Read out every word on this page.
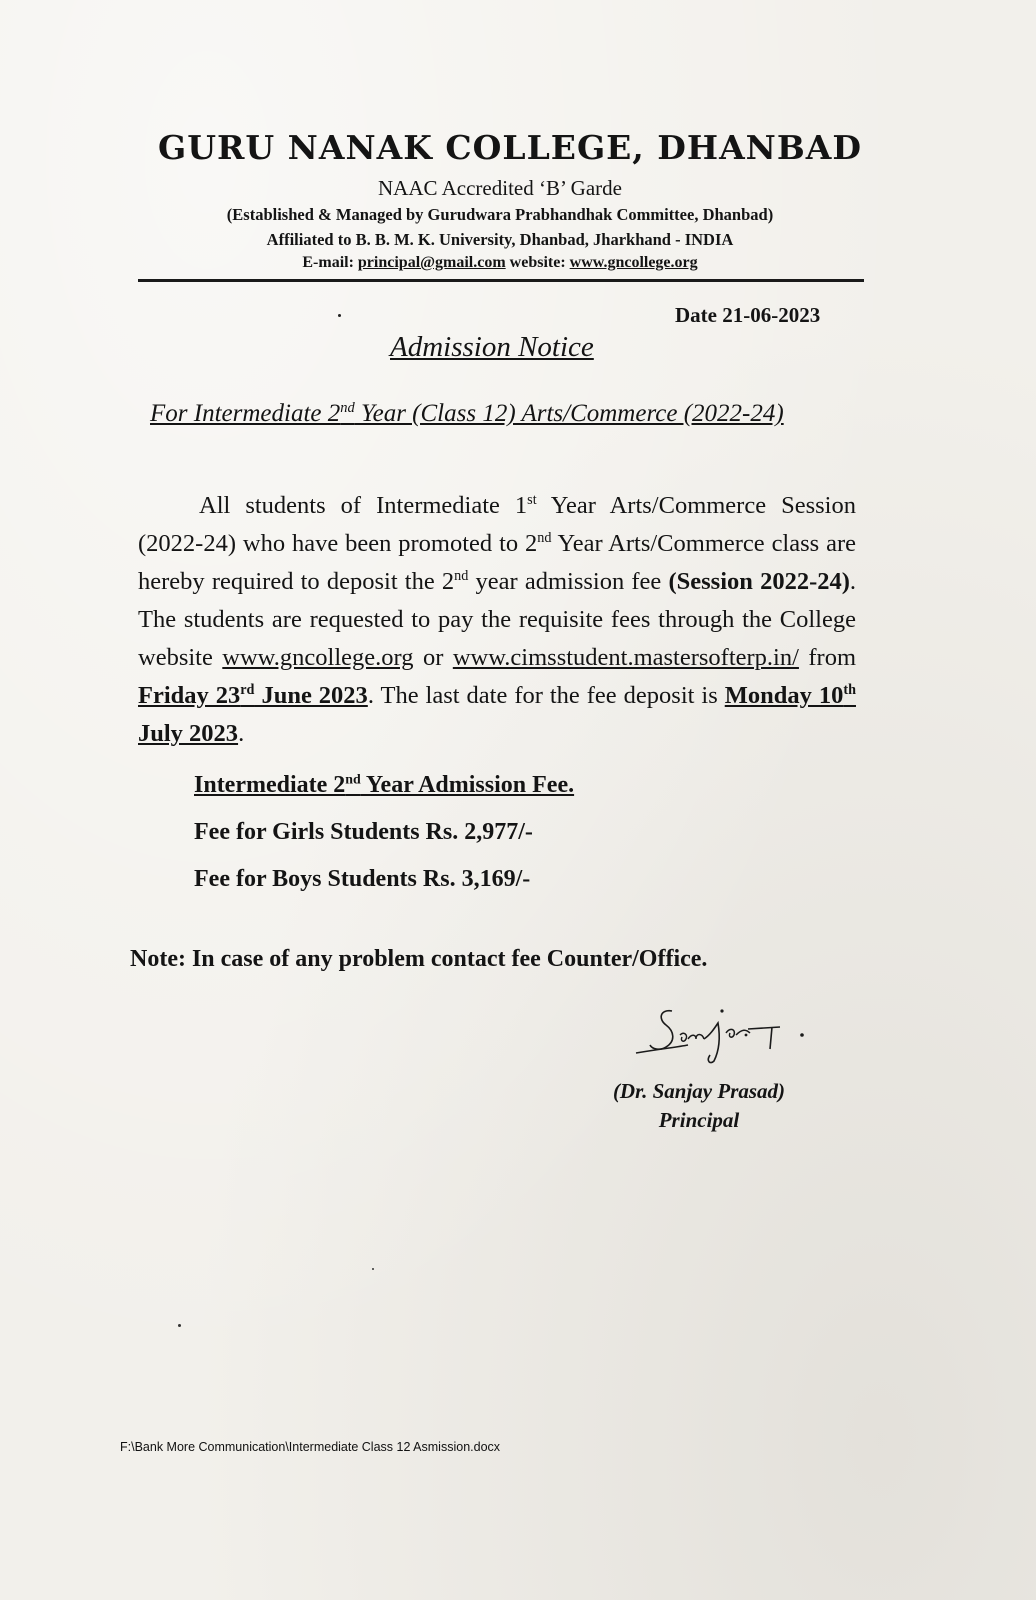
GURU NANAK COLLEGE, DHANBAD
NAAC Accredited ‘B’ Garde
(Established & Managed by Gurudwara Prabhandhak Committee, Dhanbad)
Affiliated to B. B. M. K. University, Dhanbad, Jharkhand - INDIA
E-mail: principal@gmail.com website: www.gncollege.org
Date 21-06-2023
Admission Notice
For Intermediate 2nd Year (Class 12) Arts/Commerce (2022-24)
All students of Intermediate 1st Year Arts/Commerce Session (2022-24) who have been promoted to 2nd Year Arts/Commerce class are hereby required to deposit the 2nd year admission fee (Session 2022-24). The students are requested to pay the requisite fees through the College website www.gncollege.org or www.cimsstudent.mastersofterp.in/ from Friday 23rd June 2023. The last date for the fee deposit is Monday 10th July 2023.
Intermediate 2nd Year Admission Fee.
Fee for Girls Students Rs. 2,977/-
Fee for Boys Students Rs. 3,169/-
Note: In case of any problem contact fee Counter/Office.
(Dr. Sanjay Prasad)
Principal
F:\Bank More Communication\Intermediate Class 12 Asmission.docx
